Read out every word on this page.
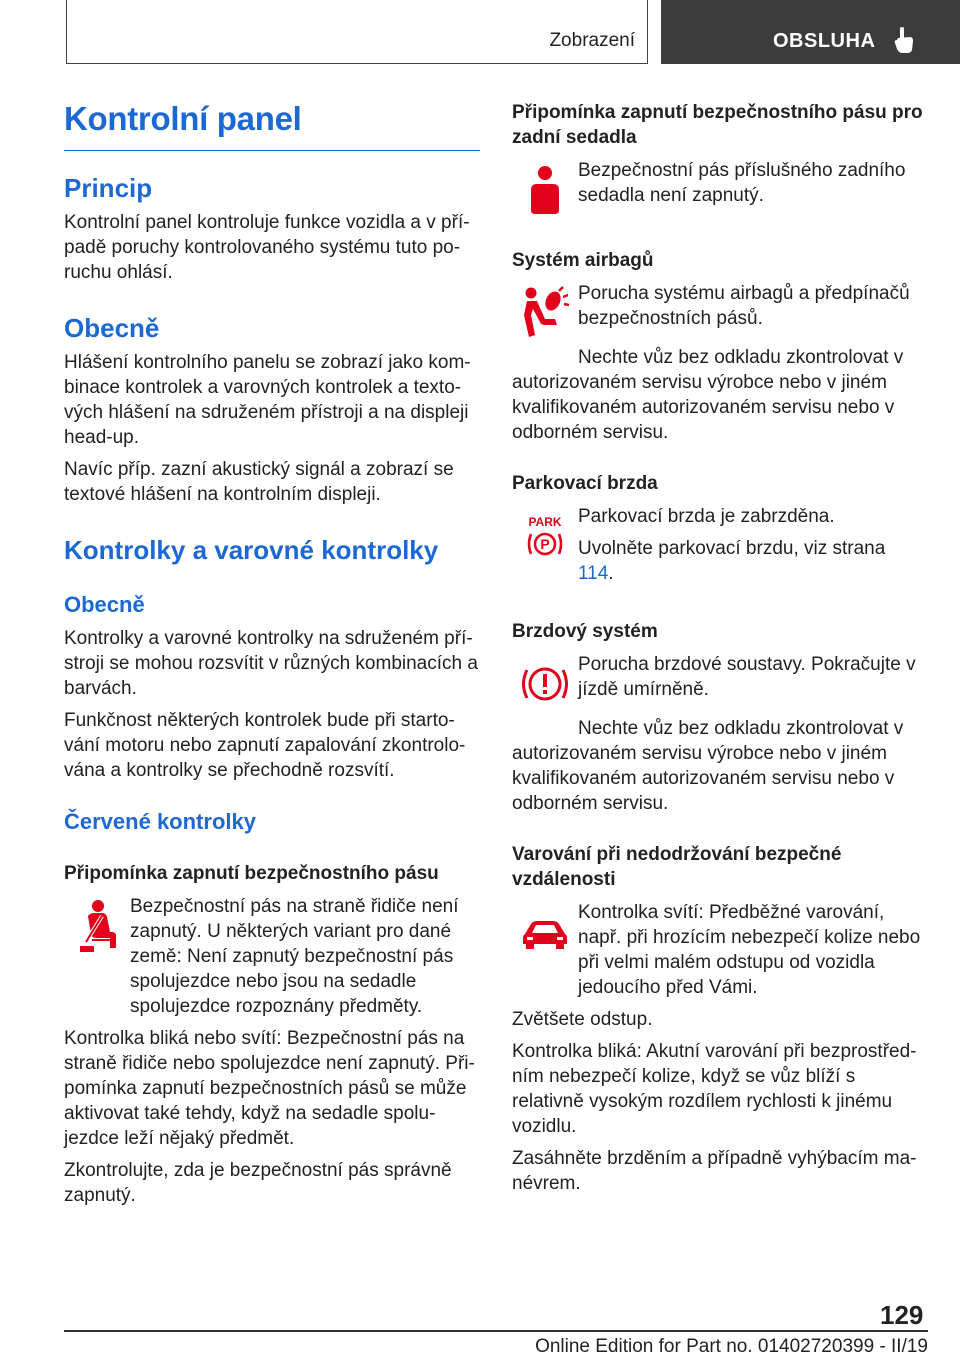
Zobrazení	OBSLUHA
Kontrolní panel
Princip

Kontrolní panel kontroluje funkce vozidla a v případě poruchy kontrolovaného systému tuto poruchu ohlásí.

Obecně

Hlášení kontrolního panelu se zobrazí jako kombinace kontrolek a varovných kontrolek a textových hlášení na sdruženém přístroji a na displeji head-up.

Navíc příp. zazní akustický signál a zobrazí se textové hlášení na kontrolním displeji.

Kontrolky a varovné kontrolky
Obecně

Kontrolky a varovné kontrolky na sdruženém přístroji se mohou rozsvítit v různých kombinacích a barvách.

Funkčnost některých kontrolek bude při startování motoru nebo zapnutí zapalování zkontrolována a kontrolky se přechodně rozsvítí.

Červené kontrolky
Připomínka zapnutí bezpečnostního pásu

Bezpečnostní pás na straně řidiče není zapnutý. U některých variant pro dané země: Není zapnutý bezpečnostní pás spolujezdce nebo jsou na sedadle spolujezdce rozpoznány předměty.

Kontrolka bliká nebo svítí: Bezpečnostní pás na straně řidiče nebo spolujezdce není zapnutý. Připomínka zapnutí bezpečnostních pásů se může aktivovat také tehdy, když na sedadle spolujezdce leží nějaký předmět.

Zkontrolujte, zda je bezpečnostní pás správně zapnutý.

Připomínka zapnutí bezpečnostního pásu pro zadní sedadla

Bezpečnostní pás příslušného zadního sedadla není zapnutý.

Systém airbagů

Porucha systému airbagů a předpínačů bezpečnostních pásů.

Nechte vůz bez odkladu zkontrolovat v autorizovaném servisu výrobce nebo v jiném kvalifikovaném autorizovaném servisu nebo v odborném servisu.

Parkovací brzda
PARK
P

Parkovací brzda je zabrzděna.

Uvolněte parkovací brzdu, viz strana 114.

Brzdový systém

Porucha brzdové soustavy. Pokračujte v jízdě umírněně.

Nechte vůz bez odkladu zkontrolovat v autorizovaném servisu výrobce nebo v jiném kvalifikovaném autorizovaném servisu nebo v odborném servisu.

Varování při nedodržování bezpečné vzdálenosti

Kontrolka svítí: Předběžné varování, např. při hrozícím nebezpečí kolize nebo při velmi malém odstupu od vozidla jedoucího před Vámi.

Zvětšete odstup.

Kontrolka bliká: Akutní varování při bezprostředním nebezpečí kolize, když se vůz blíží s relativně vysokým rozdílem rychlosti k jinému vozidlu.

Zasáhněte brzděním a případně vyhýbacím manévrem.

129
Online Edition for Part no. 01402720399 - II/19
